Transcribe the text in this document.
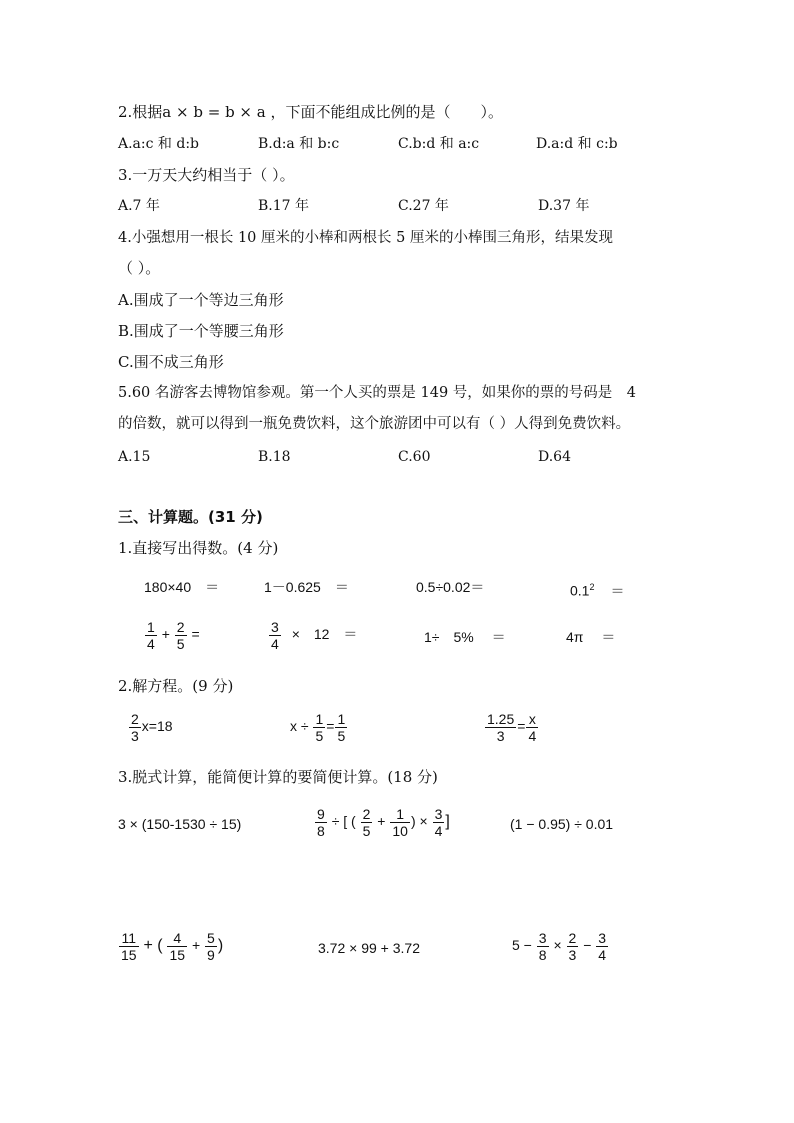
2.根据a × b = b × a ，下面不能组成比例的是（　　）。
A.a:c 和 d:b	B.d:a 和 b:c	C.b:d 和 a:c	D.a:d 和 c:b
3.一万天大约相当于（ ）。
A.7 年	B.17 年	C.27 年	D.37 年
4.小强想用一根长 10 厘米的小棒和两根长 5 厘米的小棒围三角形，结果发现
（ ）。
A.围成了一个等边三角形
B.围成了一个等腰三角形
C.围不成三角形
5.60 名游客去博物馆参观。第一个人买的票是 149 号，如果你的票的号码是　4
的倍数，就可以得到一瓶免费饮料，这个旅游团中可以有（ ）人得到免费饮料。
A.15	B.18	C.60	D.64
三、计算题。(31 分)
1.直接写出得数。(4 分)
180×40　＝	1－0.625　＝	0.5÷0.02＝	$0.1^2$ ＝
$\frac{1}{4} + \frac{2}{5}$ =	$\frac{3}{4}$ ×　12　＝	1÷　5%　 ＝	4π　 ＝
2.解方程。(9 分)
$\frac{2}{3} x=18$	$x \div \frac{1}{5} = \frac{1}{5}$	$\frac{1.25}{3} = \frac{x}{4}$
3.脱式计算，能简便计算的要简便计算。(18 分)
3 × (150-1530 ÷ 15)	$\frac{9}{8}$ ÷ [ ( $\frac{2}{5} + \frac{1}{10}$ ) × $\frac{3}{4}$ ]	(1 − 0.95) ÷ 0.01
$\frac{11}{15}$ + ( $\frac{4}{15} + \frac{5}{9}$ )	3.72 × 99 + 3.72	$5 - \frac{3}{8} \times \frac{2}{3} - \frac{3}{4}$
